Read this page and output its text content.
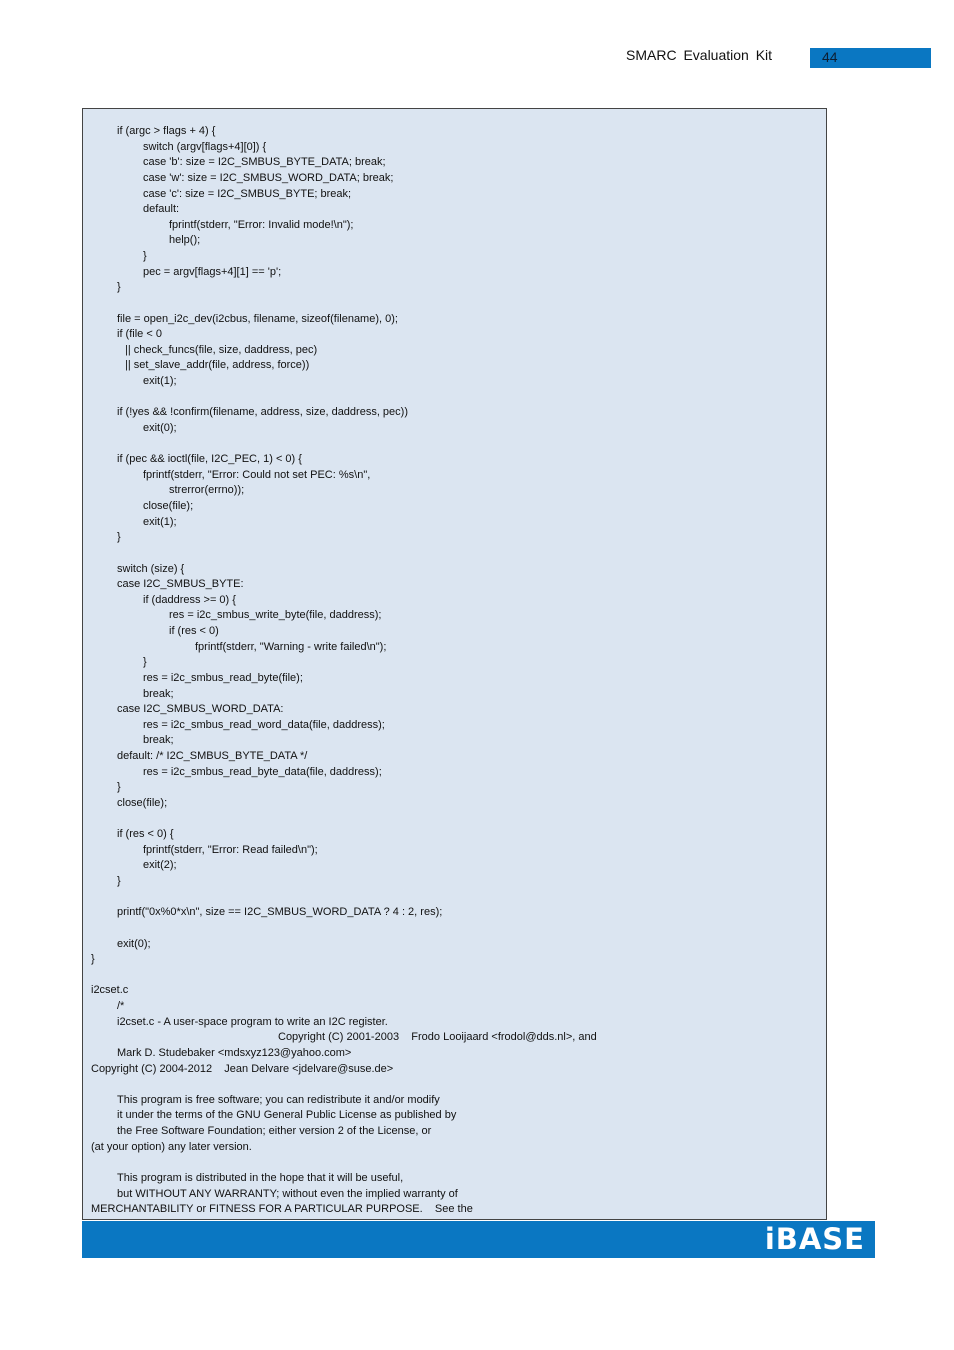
SMARC Evaluation Kit	44
if (argc > flags + 4) {
switch (argv[flags+4][0]) {
case 'b': size = I2C_SMBUS_BYTE_DATA; break;
case 'w': size = I2C_SMBUS_WORD_DATA; break;
case 'c': size = I2C_SMBUS_BYTE; break;
default:
fprintf(stderr, "Error: Invalid mode!\n");
help();
}
pec = argv[flags+4][1] == 'p';
}
file = open_i2c_dev(i2cbus, filename, sizeof(filename), 0);
if (file < 0
|| check_funcs(file, size, daddress, pec)
|| set_slave_addr(file, address, force))
exit(1);
if (!yes && !confirm(filename, address, size, daddress, pec))
exit(0);
if (pec && ioctl(file, I2C_PEC, 1) < 0) {
fprintf(stderr, "Error: Could not set PEC: %s\n",
strerror(errno));
close(file);
exit(1);
}
switch (size) {
case I2C_SMBUS_BYTE:
if (daddress >= 0) {
res = i2c_smbus_write_byte(file, daddress);
if (res < 0)
fprintf(stderr, "Warning - write failed\n");
}
res = i2c_smbus_read_byte(file);
break;
case I2C_SMBUS_WORD_DATA:
res = i2c_smbus_read_word_data(file, daddress);
break;
default: /* I2C_SMBUS_BYTE_DATA */
res = i2c_smbus_read_byte_data(file, daddress);
}
close(file);
if (res < 0) {
fprintf(stderr, "Error: Read failed\n");
exit(2);
}
printf("0x%0*x\n", size == I2C_SMBUS_WORD_DATA ? 4 : 2, res);
exit(0);
}
i2cset.c
/*
i2cset.c - A user-space program to write an I2C register.
Copyright (C) 2001-2003    Frodo Looijaard <frodol@dds.nl>, and
Mark D. Studebaker <mdsxyz123@yahoo.com>
Copyright (C) 2004-2012    Jean Delvare <jdelvare@suse.de>
This program is free software; you can redistribute it and/or modify
it under the terms of the GNU General Public License as published by
the Free Software Foundation; either version 2 of the License, or
(at your option) any later version.
This program is distributed in the hope that it will be useful,
but WITHOUT ANY WARRANTY; without even the implied warranty of
MERCHANTABILITY or FITNESS FOR A PARTICULAR PURPOSE.    See the
iBASE
